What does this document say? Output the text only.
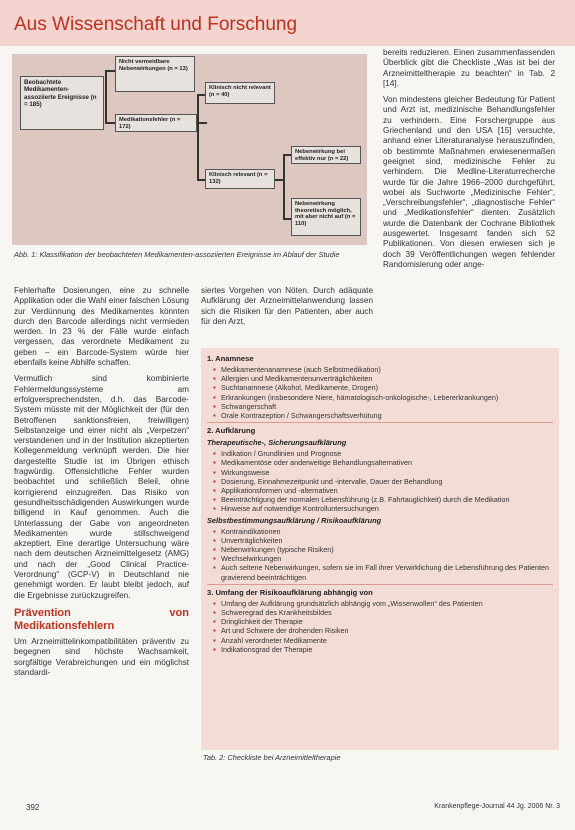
Aus Wissenschaft und Forschung
Beobachtete Medikamenten-assoziierte Ereignisse (n = 185)
Nicht vermeidbare Nebenwirkungen (n = 13)
Medikationsfehler (n = 172)
Klinisch nicht relevant (n = 40)
Klinisch relevant (n = 132)
Nebenwirkung bei effektiv nur (n = 22)
Nebenwirkung theoretisch möglich, mit aber nicht auf (n = 110)
Abb. 1: Klassifikation der beobachteten Medikamenten-assoziierten Ereignisse im Ablauf der Studie

bereits reduzieren. Einen zusammenfassenden Überblick gibt die Checkliste „Was ist bei der Arzneimitteltherapie zu beachten“ in Tab. 2 [14].

Von mindestens gleicher Bedeutung für Patient und Arzt ist, medizinische Behandlungsfehler zu verhindern. Eine Forschergruppe aus Griechenland und den USA [15] versuchte, anhand einer Literaturanalyse herauszufinden, ob bestimmte Maßnahmen erwiesenermaßen geeignet sind, medizinische Fehler zu verhindern. Die Medline-Literaturrecherche wurde für die Jahre 1966–2000 durchgeführt, wobei als Suchworte „Medizinische Fehler“, „Verschreibungsfehler“, „diagnostische Fehler“ und „Medikationsfehler“ dienten. Zusätzlich wurde die Datenbank der Cochrane Bibliothek ausgewertet. Insgesamt fanden sich 52 Publikationen. Von diesen erwiesen sich je doch 39 Veröffentlichungen wegen fehlender Randomisierung oder ange-

siertes Vorgehen von Nöten. Durch adäquate Aufklärung der Arzneimittelanwendung lassen sich die Risiken für den Patienten, aber auch für den Arzt,

Fehlerhafte Dosierungen, eine zu schnelle Applikation oder die Wahl einer falschen Lösung zur Verdünnung des Medikamentes könnten durch den Barcode allerdings nicht vermieden werden. In 23 % der Fälle wurde einfach vergessen, das verordnete Medikament zu geben – ein Barcode-System würde hier ebenfalls keine Abhilfe schaffen.

Vermutlich sind kombinierte Fehlermeldungssysteme am erfolgversprechendsten, d.h. das Barcode-System müsste mit der Möglichkeit der (für den Betroffenen sanktionsfreien, freiwilligen) Selbstanzeige und einer nicht als „Verpetzen“ verstandenen und in der Institution akzeptierten Kollegenmeldung verknüpft werden. Die hier dargestellte Studie ist im Übrigen ethisch fragwürdig. Offensichtliche Fehler wurden beobachtet und schließlich Beleil, ohne korrigierend einzugreifen. Das Risiko von gesundheitsschädigenden Auswirkungen wurde billigend in Kauf genommen. Auch die Unterlassung der Gabe von angeordneten Medikamenten wurde stillschweigend akzeptiert. Eine derartige Untersuchung wäre nach dem deutschen Arzneimittelgesetz (AMG) und nach der „Good Clinical Practice-Verordnung“ (GCP-V) in Deutschland nie genehmigt worden. Er laubt bleibt jedoch, auf die Ergebnisse zurückzugreifen.

Prävention von Medikationsfehlern

Um Arzneimittelinkompatibilitäten präventiv zu begegnen sind höchste Wachsamkeit, sorgfältige Verabreichungen und ein möglichst standardi-

1. Anamnese
▪ Medikamentenanamnese (auch Selbstmedikation)
▪ Allergien und Medikamentenunverträglichkeiten
▪ Suchtanamnese (Alkohol, Medikamente, Drogen)
▪ Erkrankungen (insbesondere Niere, hämatologisch-onkologische-, Lebererkrankungen)
▪ Schwangerschaft
▪ Orale Kontrazeption / Schwangerschaftsverhütung
2. Aufklärung
Therapeutische-, Sicherungsaufklärung
▪ Indikation / Grundlinien und Prognose
▪ Medikamentöse oder anderweitige Behandlungsalternativen
▪ Wirkungsweise
▪ Dosierung, Einnahmezeitpunkt und -intervalle, Dauer der Behandlung
▪ Applikationsformen und -alternativen
▪ Beeinträchtigung der normalen Lebensführung (z.B. Fahrtauglichkeit) durch die Medikation
▪ Hinweise auf notwendige Kontrolluntersuchungen
Selbstbestimmungsaufklärung / Risikoaufklärung
▪ Kontraindikationen
▪ Unverträglichkeiten
▪ Nebenwirkungen (typische Risiken)
▪ Wechselwirkungen
▪ Auch seltene Nebenwirkungen, sofern sie im Fall ihrer Verwirklichung die Lebensführung des Patienten gravierend beeinträchtigen
3. Umfang der Risikoaufklärung abhängig von
▪ Umfang der Aufklärung grundsätzlich abhängig vom „Wissenwollen“ des Patienten
▪ Schweregrad des Krankheitsbildes
▪ Dringlichkeit der Therapie
▪ Art und Schwere der drohenden Risiken
▪ Anzahl verordneter Medikamente
▪ Indikationsgrad der Therapie
Tab. 2: Checkliste bei Arzneimitteltherapie
392	Krankenpflege-Journal 44 Jg. 2006 Nr. 3
